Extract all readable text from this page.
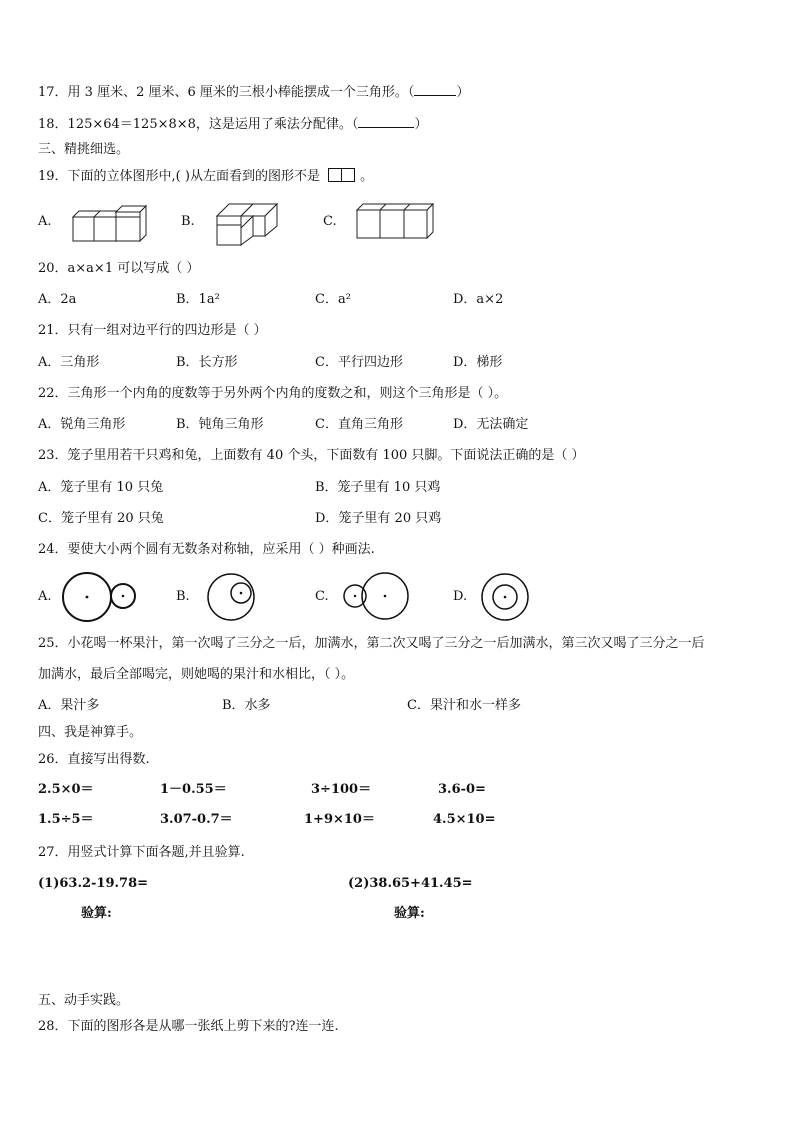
17．用 3 厘米、2 厘米、6 厘米的三根小棒能摆成一个三角形。（	）
18．125×64＝125×8×8，这是运用了乘法分配律。（	）
三、精挑细选。
19．下面的立体图形中,( )从左面看到的图形不是	。
A.	B.	C.
20．a×a×1 可以写成（ ）
A．2a	B．1a²	C．a²	D．a×2
21．只有一组对边平行的四边形是（ ）
A．三角形	B．长方形	C．平行四边形	D．梯形
22．三角形一个内角的度数等于另外两个内角的度数之和，则这个三角形是（ ）。
A．锐角三角形	B．钝角三角形	C．直角三角形	D．无法确定
23．笼子里用若干只鸡和兔，上面数有 40 个头，下面数有 100 只脚。下面说法正确的是（ ）
A．笼子里有 10 只兔	B．笼子里有 10 只鸡
C．笼子里有 20 只兔	D．笼子里有 20 只鸡
24．要使大小两个圆有无数条对称轴，应采用（ ）种画法.
A.	B.	C.	D.
25．小花喝一杯果汁，第一次喝了三分之一后，加满水，第二次又喝了三分之一后加满水，第三次又喝了三分之一后
加满水，最后全部喝完，则她喝的果汁和水相比，（ ）。
A．果汁多	B．水多	C．果汁和水一样多
四、我是神算手。
26．直接写出得数.
2.5×0＝	1－0.55＝	3÷100＝	3.6-0=
1.5÷5＝	3.07-0.7＝	1+9×10＝	4.5×10=
27．用竖式计算下面各题,并且验算.
(1)63.2-19.78=	(2)38.65+41.45=
验算:	验算:
五、动手实践。
28．下面的图形各是从哪一张纸上剪下来的?连一连.
